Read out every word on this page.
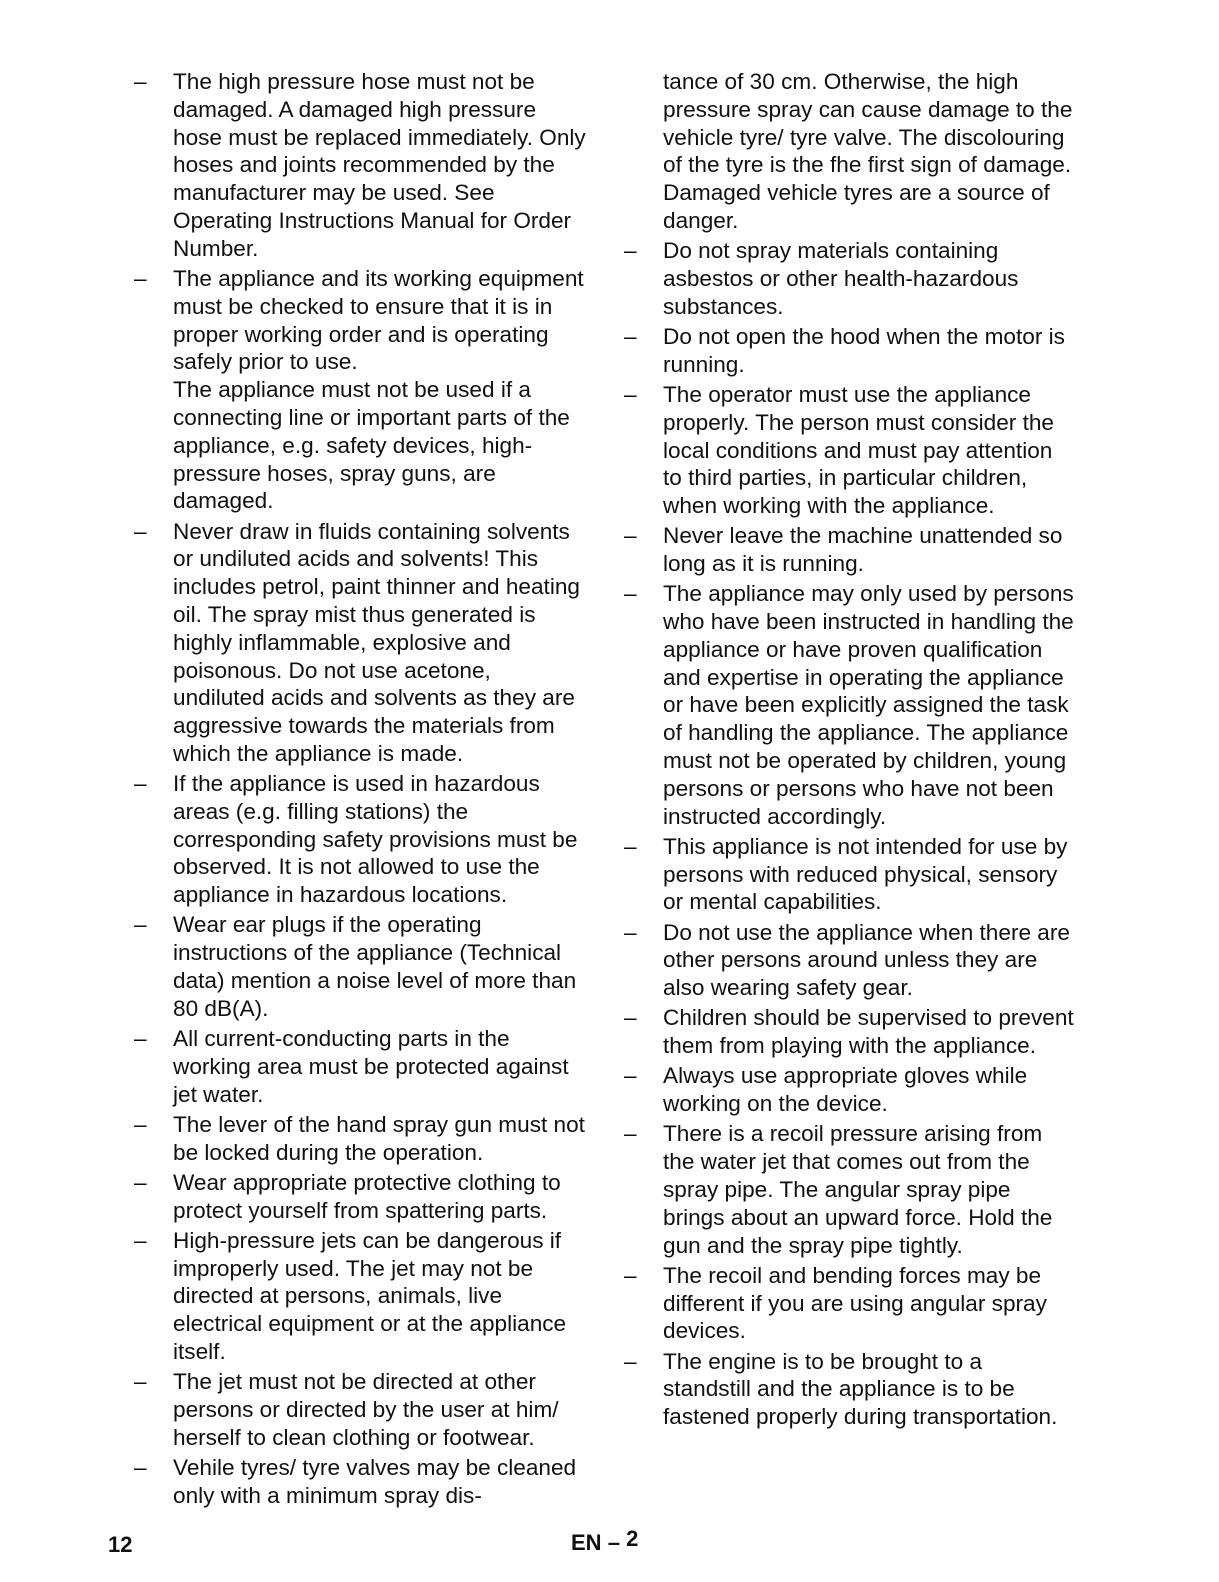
– The high pressure hose must not be damaged. A damaged high pressure hose must be replaced immediately. Only hoses and joints recommended by the manufacturer may be used. See Operating Instructions Manual for Order Number.
– The appliance and its working equipment must be checked to ensure that it is in proper working order and is operating safely prior to use.
The appliance must not be used if a connecting line or important parts of the appliance, e.g. safety devices, high-pressure hoses, spray guns, are damaged.
– Never draw in fluids containing solvents or undiluted acids and solvents! This includes petrol, paint thinner and heating oil. The spray mist thus generated is highly inflammable, explosive and poisonous. Do not use acetone, undiluted acids and solvents as they are aggressive towards the materials from which the appliance is made.
– If the appliance is used in hazardous areas (e.g. filling stations) the corresponding safety provisions must be observed. It is not allowed to use the appliance in hazardous locations.
– Wear ear plugs if the operating instructions of the appliance (Technical data) mention a noise level of more than 80 dB(A).
– All current-conducting parts in the working area must be protected against jet water.
– The lever of the hand spray gun must not be locked during the operation.
– Wear appropriate protective clothing to protect yourself from spattering parts.
– High-pressure jets can be dangerous if improperly used. The jet may not be directed at persons, animals, live electrical equipment or at the appliance itself.
– The jet must not be directed at other persons or directed by the user at him/ herself to clean clothing or footwear.
– Vehile tyres/ tyre valves may be cleaned only with a minimum spray dis-
tance of 30 cm. Otherwise, the high pressure spray can cause damage to the vehicle tyre/ tyre valve. The discolouring of the tyre is the fhe first sign of damage. Damaged vehicle tyres are a source of danger.
– Do not spray materials containing asbestos or other health-hazardous substances.
– Do not open the hood when the motor is running.
– The operator must use the appliance properly. The person must consider the local conditions and must pay attention to third parties, in particular children, when working with the appliance.
– Never leave the machine unattended so long as it is running.
– The appliance may only used by persons who have been instructed in handling the appliance or have proven qualification and expertise in operating the appliance or have been explicitly assigned the task of handling the appliance. The appliance must not be operated by children, young persons or persons who have not been instructed accordingly.
– This appliance is not intended for use by persons with reduced physical, sensory or mental capabilities.
– Do not use the appliance when there are other persons around unless they are also wearing safety gear.
– Children should be supervised to prevent them from playing with the appliance.
– Always use appropriate gloves while working on the device.
– There is a recoil pressure arising from the water jet that comes out from the spray pipe. The angular spray pipe brings about an upward force. Hold the gun and the spray pipe tightly.
– The recoil and bending forces may be different if you are using angular spray devices.
– The engine is to be brought to a standstill and the appliance is to be fastened properly during transportation.
12	EN – 2
